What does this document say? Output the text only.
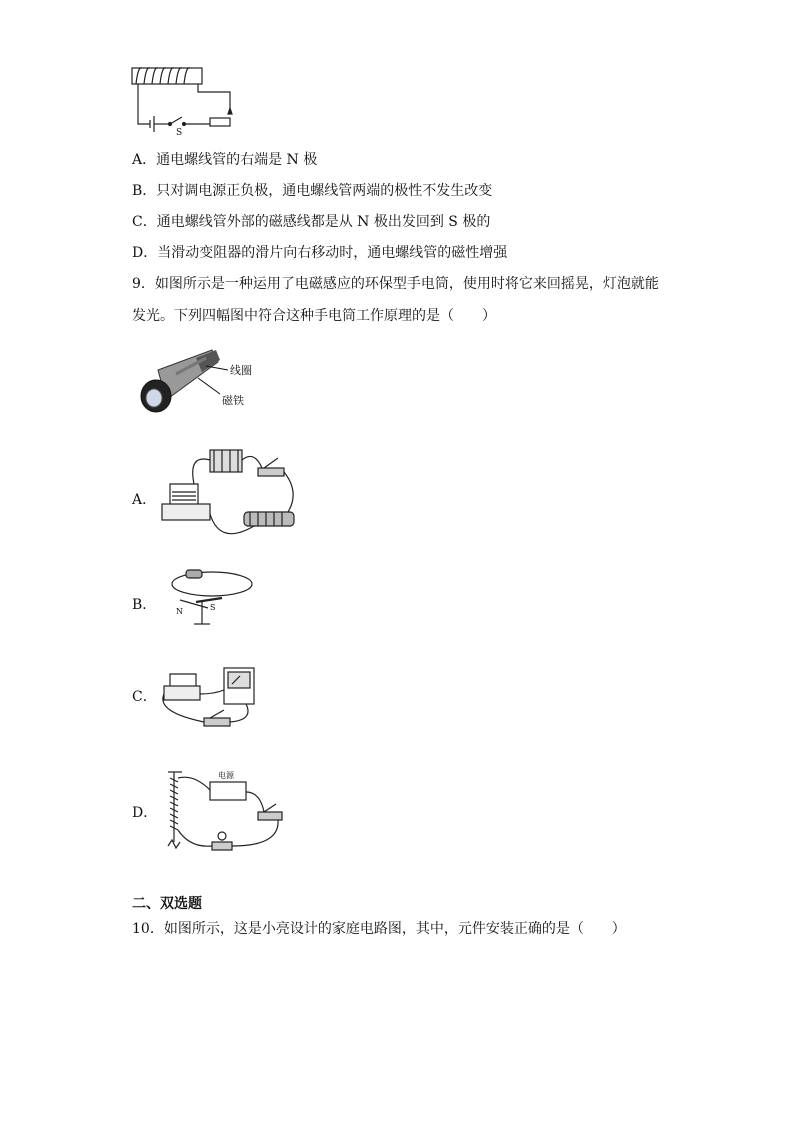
S
A．通电螺线管的右端是 N 极
B．只对调电源正负极，通电螺线管两端的极性不发生改变
C．通电螺线管外部的磁感线都是从 N 极出发回到 S 极的
D．当滑动变阻器的滑片向右移动时，通电螺线管的磁性增强
9．如图所示是一种运用了电磁感应的环保型手电筒，使用时将它来回摇晃，灯泡就能
发光。下列四幅图中符合这种手电筒工作原理的是（　　）
线圈
磁铁
A．
B． N	S
C．
D．
电源
二、双选题
10．如图所示，这是小亮设计的家庭电路图，其中，元件安装正确的是（　　）
